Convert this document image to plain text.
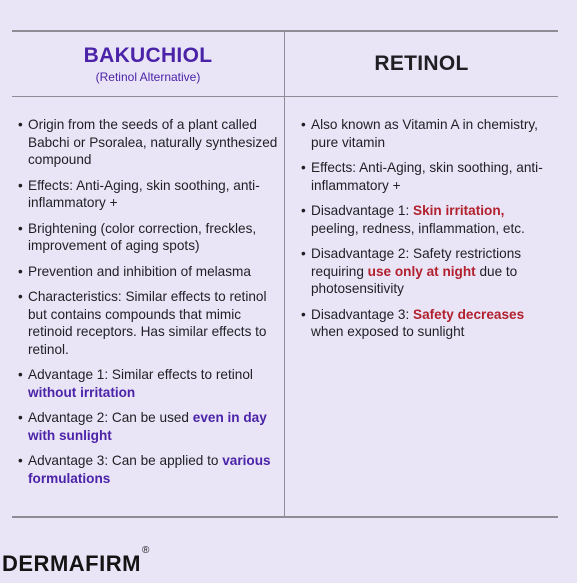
BAKUCHIOL
(Retinol Alternative)
RETINOL
• Origin from the seeds of a plant called Babchi or Psoralea, naturally synthesized compound
• Effects: Anti-Aging, skin soothing, anti-inflammatory +
• Brightening (color correction, freckles, improvement of aging spots)
• Prevention and inhibition of melasma
• Characteristics: Similar effects to retinol but contains compounds that mimic retinoid receptors. Has similar effects to retinol.
• Advantage 1: Similar effects to retinol without irritation
• Advantage 2: Can be used even in day with sunlight
• Advantage 3: Can be applied to various formulations
• Also known as Vitamin A in chemistry, pure vitamin
• Effects: Anti-Aging, skin soothing, anti-inflammatory +
• Disadvantage 1: Skin irritation, peeling, redness, inflammation, etc.
• Disadvantage 2: Safety restrictions requiring use only at night due to photosensitivity
• Disadvantage 3: Safety decreases when exposed to sunlight
DERMAFIRM
®
